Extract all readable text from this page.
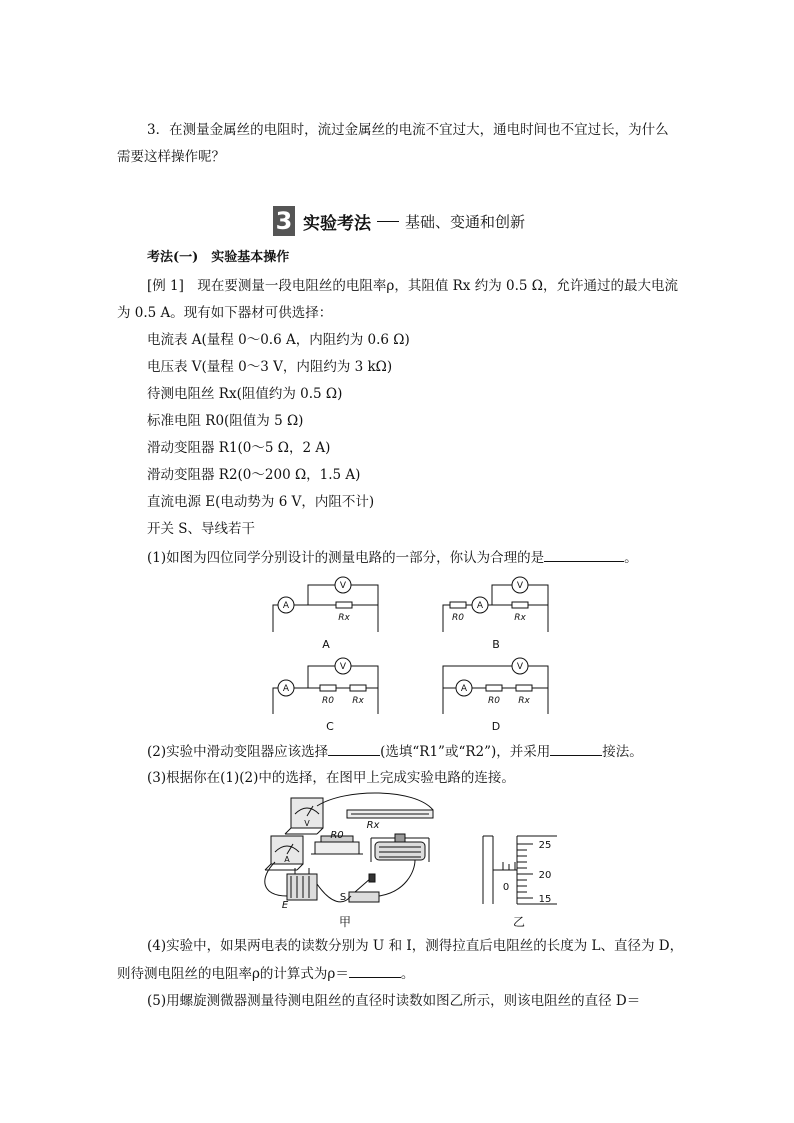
3．在测量金属丝的电阻时，流过金属丝的电流不宜过大，通电时间也不宜过长，为什么
需要这样操作呢？
3 实验考法 基础、变通和创新
考法(一)　实验基本操作
[例 1]　现在要测量一段电阻丝的电阻率ρ，其阻值 Rx 约为 0.5 Ω，允许通过的最大电流
为 0.5 A。现有如下器材可供选择：
电流表 A(量程 0～0.6 A，内阻约为 0.6 Ω)
电压表 V(量程 0～3 V，内阻约为 3 kΩ)
待测电阻丝 Rx(阻值约为 0.5 Ω)
标准电阻 R0(阻值为 5 Ω)
滑动变阻器 R1(0～5 Ω，2 A)
滑动变阻器 R2(0～200 Ω，1.5 A)
直流电源 E(电动势为 6 V，内阻不计)
开关 S、导线若干
(1)如图为四位同学分别设计的测量电路的一部分，你认为合理的是	。
A
V
Rx
A
A
V
R0	Rx
B
A
V
R0 Rx
C
A
V
R0 Rx
D
(2)实验中滑动变阻器应该选择	(选填“R1”或“R2”)，并采用	接法。
(3)根据你在(1)(2)中的选择，在图甲上完成实验电路的连接。
V
A
R0
Rx
E
S
甲	乙
25
20
15
0
(4)实验中，如果两电表的读数分别为 U 和 I，测得拉直后电阻丝的长度为 L、直径为 D，
则待测电阻丝的电阻率ρ的计算式为ρ＝	。
(5)用螺旋测微器测量待测电阻丝的直径时读数如图乙所示，则该电阻丝的直径 D＝
